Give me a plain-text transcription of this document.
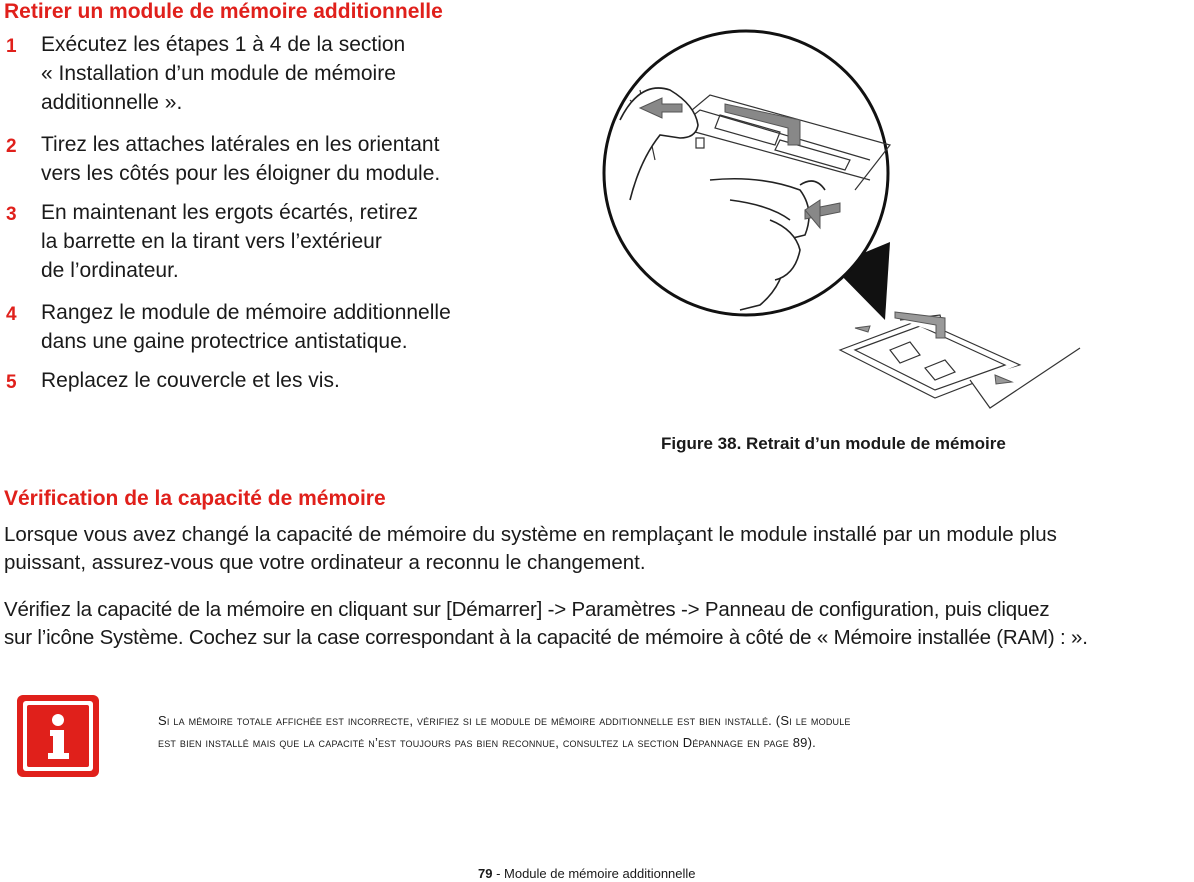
Retirer un module de mémoire additionnelle
1 Exécutez les étapes 1 à 4 de la section
« Installation d’un module de mémoire
additionnelle ».
2 Tirez les attaches latérales en les orientant
vers les côtés pour les éloigner du module.
3 En maintenant les ergots écartés, retirez
la barrette en la tirant vers l’extérieur
de l’ordinateur.
4 Rangez le module de mémoire additionnelle
dans une gaine protectrice antistatique.
5 Replacez le couvercle et les vis.
Figure 38. Retrait d’un module de mémoire
Vérification de la capacité de mémoire
Lorsque vous avez changé la capacité de mémoire du système en remplaçant le module installé par un module plus
puissant, assurez-vous que votre ordinateur a reconnu le changement.
Vérifiez la capacité de la mémoire en cliquant sur [Démarrer] -> Paramètres -> Panneau de configuration, puis cliquez
sur l’icône Système. Cochez sur la case correspondant à la capacité de mémoire à côté de « Mémoire installée (RAM) : ».
Si la mémoire totale affichée est incorrecte, vérifiez si le module de mémoire additionnelle est bien installé. (Si le module
est bien installé mais que la capacité n’est toujours pas bien reconnue, consultez la section Dépannage en page 89).
79 - Module de mémoire additionnelle
